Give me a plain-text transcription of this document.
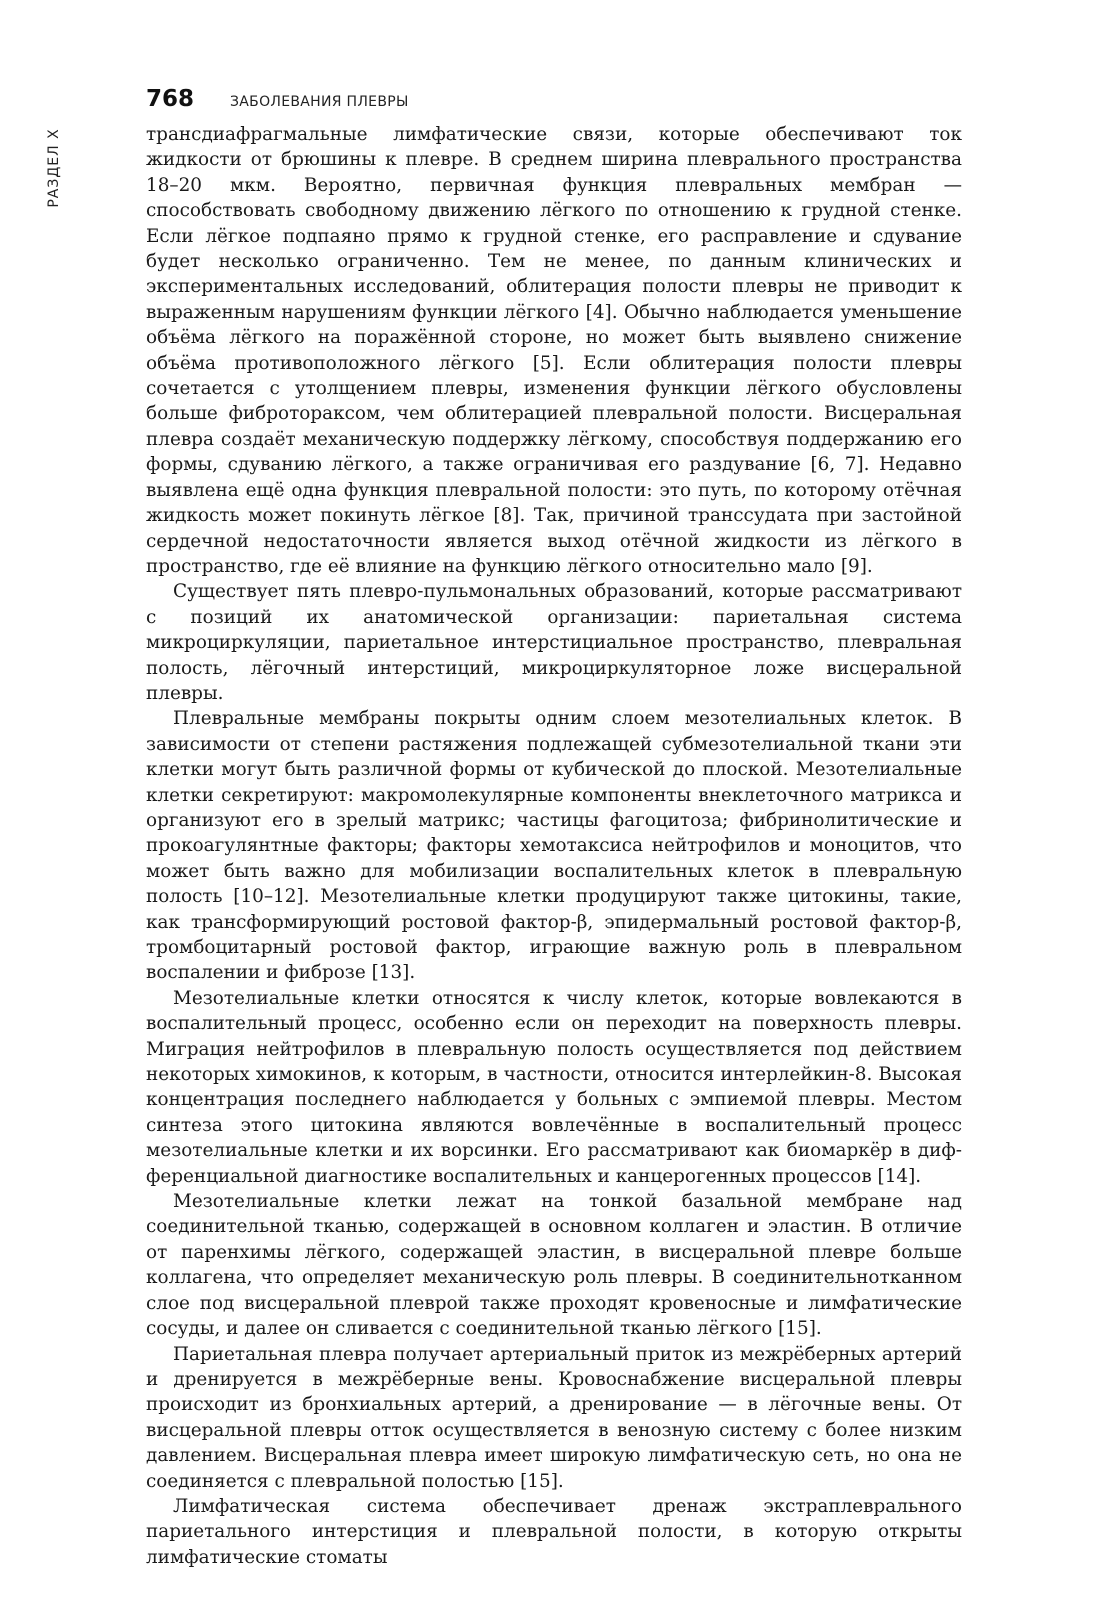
РАЗДЕЛ X
768	ЗАБОЛЕВАНИЯ ПЛЕВРЫ

трансдиафрагмальные лимфатические связи, которые обеспечивают ток жидкости от брюшины к плевре. В среднем ширина плеврального пространства 18–20 мкм. Вероятно, первичная функция плевральных мембран — способствовать свободному движению лёгкого по отношению к грудной стенке. Если лёгкое подпаяно прямо к грудной стенке, его расправление и сдувание будет несколько ограниченно. Тем не менее, по данным клинических и экспериментальных исследований, облитерация полости плевры не приводит к выраженным нарушениям функции лёгкого [4]. Обычно наблюдается уменьшение объёма лёгкого на поражённой стороне, но может быть выявлено снижение объёма противоположного лёгкого [5]. Если облитерация полости плевры сочетается с утолщением плевры, изменения функции лёгкого обусловлены больше фибротораксом, чем облитерацией плевральной полости. Висцеральная плевра создаёт механическую поддержку лёгкому, способствуя поддержанию его формы, сдуванию лёгкого, а также ограничивая его раздувание [6, 7]. Недавно выявлена ещё одна функция плевральной полости: это путь, по которому отёчная жидкость может покинуть лёгкое [8]. Так, причиной транссудата при застойной сердечной недостаточности является выход отёчной жидкости из лёгкого в пространство, где её влияние на функцию лёгкого относительно мало [9].

Существует пять плевро-пульмональных образований, которые рассматривают с позиций их анатомической организации: париетальная система микроциркуляции, париетальное интерстициальное пространство, плевральная полость, лёгочный интерстиций, микроциркуляторное ложе висцеральной плевры.

Плевральные мембраны покрыты одним слоем мезотелиальных клеток. В зависимости от степени растяжения подлежащей субмезотелиальной ткани эти клетки могут быть различной формы от кубической до плоской. Мезотелиальные клетки секретируют: макромолекулярные компоненты внеклеточного матрикса и организуют его в зрелый матрикс; частицы фагоцитоза; фибринолитические и прокоагулянтные факторы; факторы хемотаксиса нейтрофилов и моноцитов, что может быть важно для мобилизации воспалительных клеток в плевральную полость [10–12]. Мезотелиальные клетки продуцируют также цитокины, такие, как трансформирующий ростовой фактор-β, эпидермальный ростовой фактор-β, тромбоцитарный ростовой фактор, играющие важную роль в плевральном воспалении и фиброзе [13].

Мезотелиальные клетки относятся к числу клеток, которые вовлекаются в воспалительный процесс, особенно если он переходит на поверхность плевры. Миграция нейтрофилов в плевральную полость осуществляется под действием некоторых химокинов, к которым, в частности, относится интерлейкин-8. Высокая концентрация последнего наблюдается у больных с эмпиемой плевры. Местом синтеза этого цитокина являются вовлечённые в воспалительный процесс мезотелиальные клетки и их ворсинки. Его рассматривают как биомаркёр в дифференциальной диагностике воспалительных и канцерогенных процессов [14].

Мезотелиальные клетки лежат на тонкой базальной мембране над соединительной тканью, содержащей в основном коллаген и эластин. В отличие от паренхимы лёгкого, содержащей эластин, в висцеральной плевре больше коллагена, что определяет механическую роль плевры. В соединительнотканном слое под висцеральной плеврой также проходят кровеносные и лимфатические сосуды, и далее он сливается с соединительной тканью лёгкого [15].

Париетальная плевра получает артериальный приток из межрёберных артерий и дренируется в межрёберные вены. Кровоснабжение висцеральной плевры происходит из бронхиальных артерий, а дренирование — в лёгочные вены. От висцеральной плевры отток осуществляется в венозную систему с более низким давлением. Висцеральная плевра имеет широкую лимфатическую сеть, но она не соединяется с плевральной полостью [15].

Лимфатическая система обеспечивает дренаж экстраплеврального париетального интерстиция и плевральной полости, в которую открыты лимфатические стоматы
